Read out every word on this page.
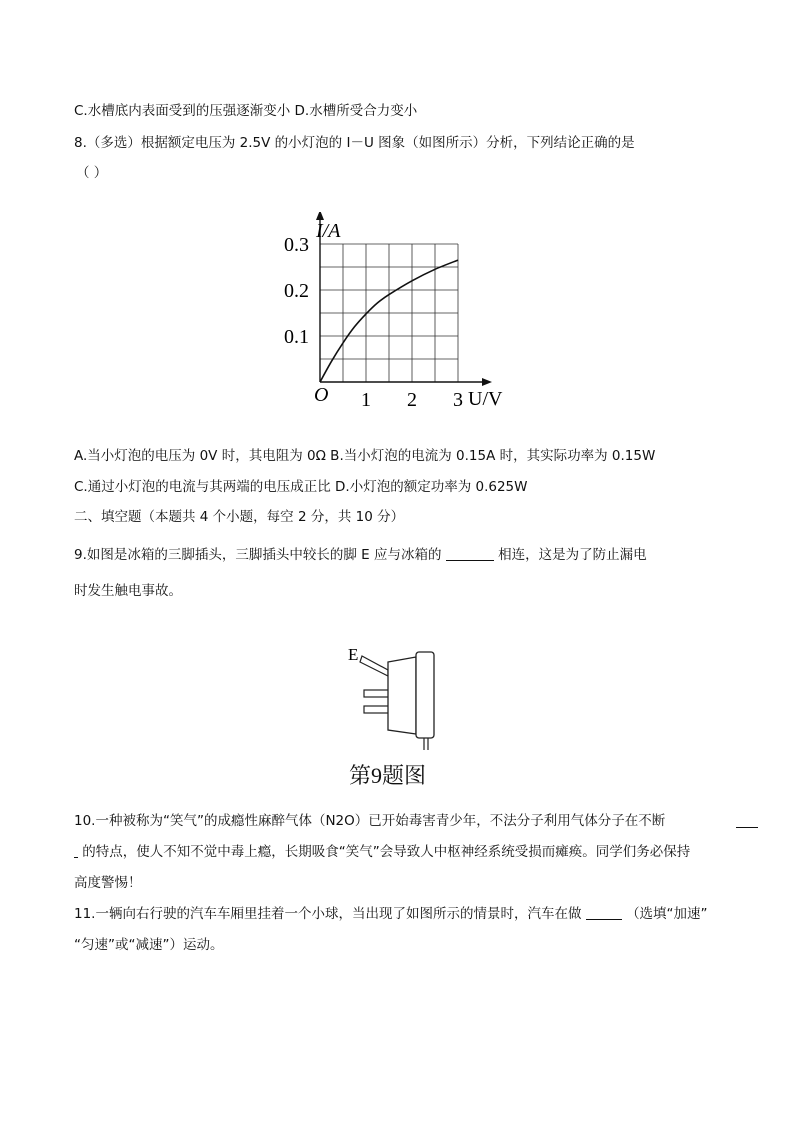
C.水槽底内表面受到的压强逐渐变小 D.水槽所受合力变小
8.（多选）根据额定电压为 2.5V 的小灯泡的 I－U 图象（如图所示）分析，下列结论正确的是
（ ）
1 2 3
0.1
0.2
0.3
I/A
U/V
O
A.当小灯泡的电压为 0V 时，其电阻为 0Ω B.当小灯泡的电流为 0.15A 时，其实际功率为 0.15W
C.通过小灯泡的电流与其两端的电压成正比 D.小灯泡的额定功率为 0.625W
二、填空题（本题共 4 个小题，每空 2 分，共 10 分）
9.如图是冰箱的三脚插头，三脚插头中较长的脚 E 应与冰箱的	相连，这是为了防止漏电
时发生触电事故。
E
第9题图
10.一种被称为“笑气”的成瘾性麻醉气体（N2O）已开始毒害青少年，不法分子利用气体分子在不断
的特点，使人不知不觉中毒上瘾，长期吸食“笑气”会导致人中枢神经系统受损而瘫痪。同学们务必保持
高度警惕！
11.一辆向右行驶的汽车车厢里挂着一个小球，当出现了如图所示的情景时，汽车在做	（选填“加速”
“匀速”或“减速”）运动。
